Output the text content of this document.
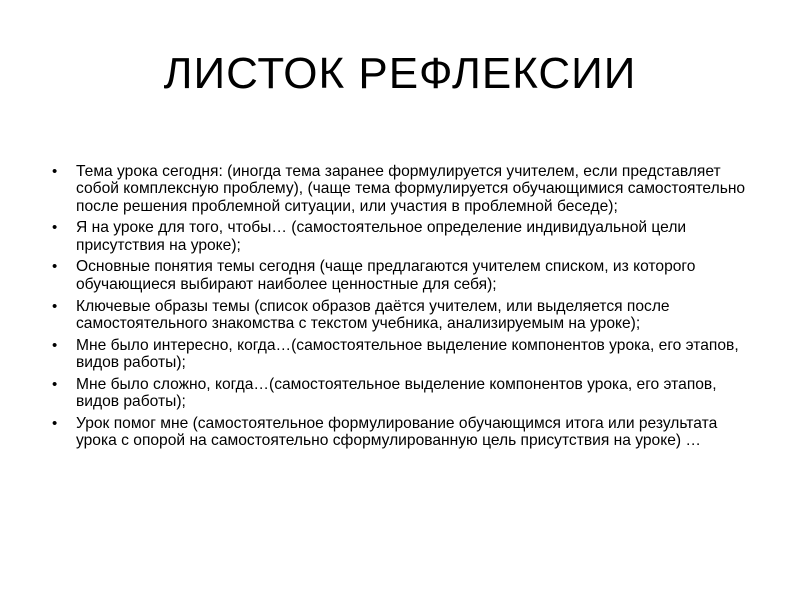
ЛИСТОК РЕФЛЕКСИИ
• Тема урока сегодня: (иногда тема заранее формулируется учителем, если представляет собой комплексную проблему), (чаще тема формулируется обучающимися самостоятельно после решения проблемной ситуации, или участия в проблемной беседе);
• Я на уроке для того, чтобы… (самостоятельное определение индивидуальной цели присутствия на уроке);
• Основные понятия темы сегодня (чаще предлагаются учителем списком, из которого обучающиеся выбирают наиболее ценностные для себя);
• Ключевые образы темы (список образов даётся учителем, или выделяется после самостоятельного знакомства с текстом учебника, анализируемым на уроке);
• Мне было интересно, когда…(самостоятельное выделение компонентов урока, его этапов, видов работы);
• Мне было сложно, когда…(самостоятельное выделение компонентов урока, его этапов, видов работы);
• Урок помог мне (самостоятельное формулирование обучающимся итога или результата урока с опорой на самостоятельно сформулированную цель присутствия на уроке) …
